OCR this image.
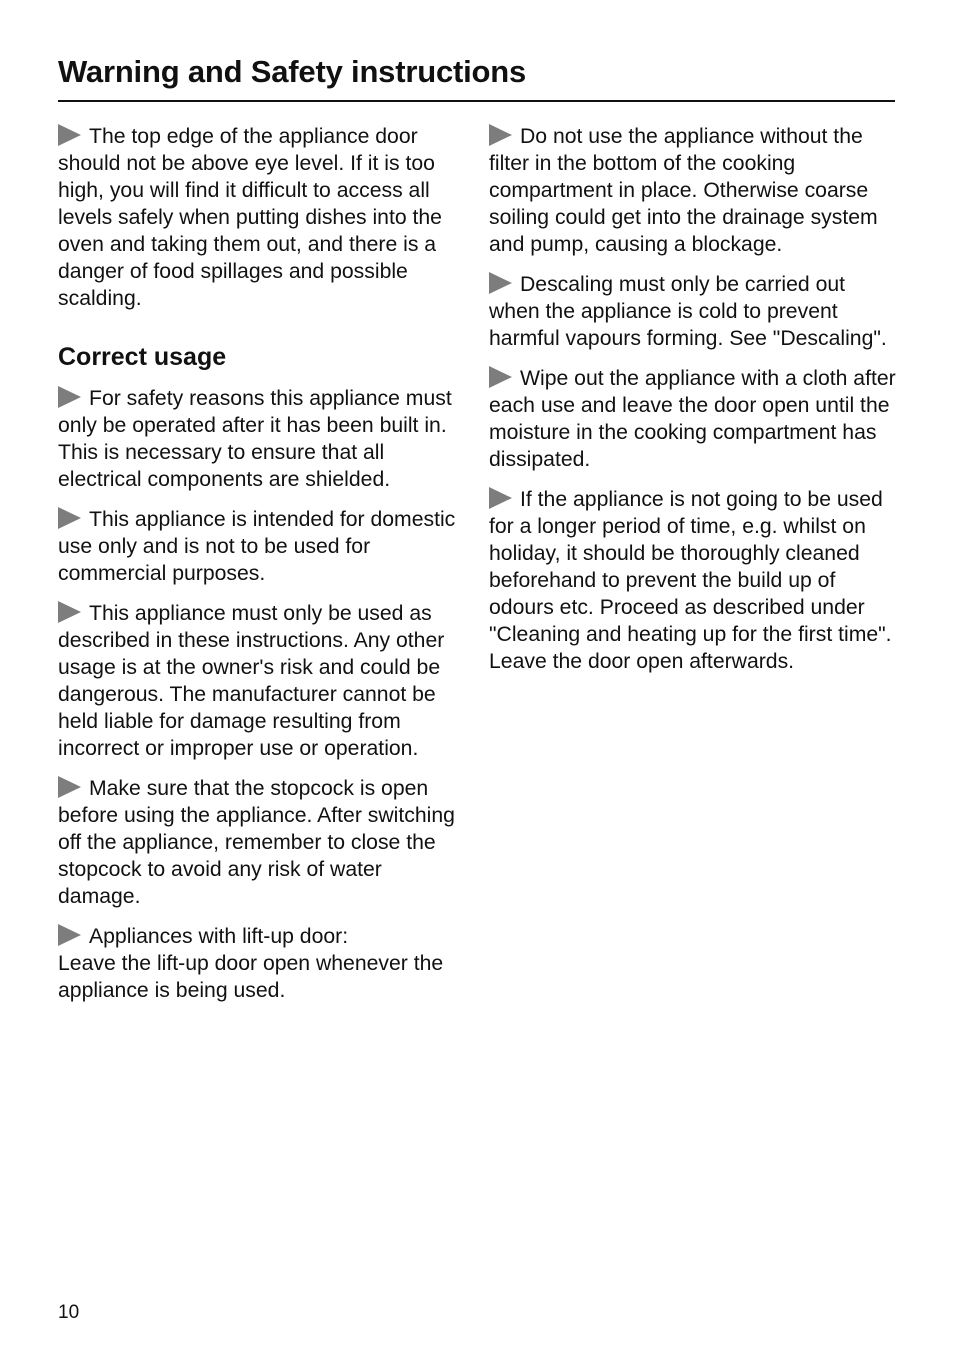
Warning and Safety instructions

The top edge of the appliance door should not be above eye level. If it is too high, you will find it difficult to access all levels safely when putting dishes into the oven and taking them out, and there is a danger of food spillages and possible scalding.

Correct usage

For safety reasons this appliance must only be operated after it has been built in. This is necessary to ensure that all electrical components are shielded.

This appliance is intended for domestic use only and is not to be used for commercial purposes.

This appliance must only be used as described in these instructions. Any other usage is at the owner's risk and could be dangerous. The manufacturer cannot be held liable for damage resulting from incorrect or improper use or operation.

Make sure that the stopcock is open before using the appliance. After switching off the appliance, remember to close the stopcock to avoid any risk of water damage.

Appliances with lift-up door:
Leave the lift-up door open whenever the appliance is being used.

Do not use the appliance without the filter in the bottom of the cooking compartment in place. Otherwise coarse soiling could get into the drainage system and pump, causing a blockage.

Descaling must only be carried out when the appliance is cold to prevent harmful vapours forming. See "Descaling".

Wipe out the appliance with a cloth after each use and leave the door open until the moisture in the cooking compartment has dissipated.

If the appliance is not going to be used for a longer period of time, e.g. whilst on holiday, it should be thoroughly cleaned beforehand to prevent the build up of odours etc. Proceed as described under "Cleaning and heating up for the first time". Leave the door open afterwards.

10
